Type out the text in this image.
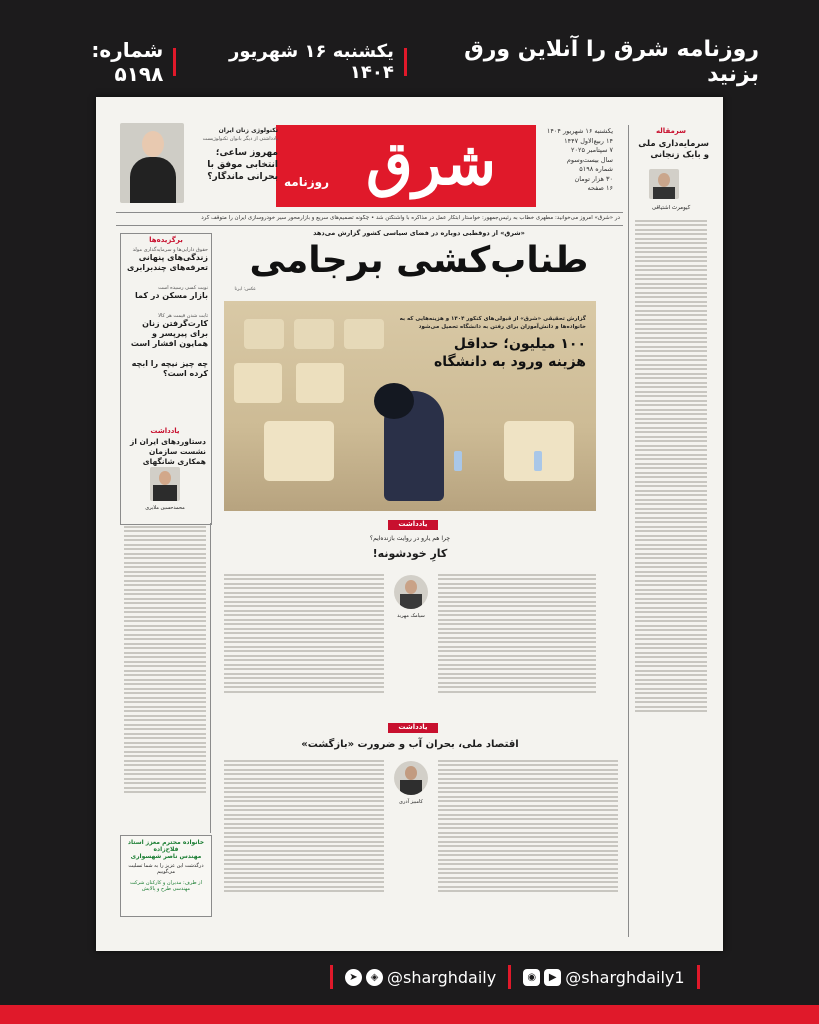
روزنامه شرق را آنلاین ورق بزنید
یکشنبه ۱۶ شهریور ۱۴۰۴
شماره: ۵۱۹۸
شرق
روزنامه
یکشنبه ۱۶ شهریور ۱۴۰۴
۱۴ ربیع‌الاول ۱۴۴۷
۷ سپتامبر ۲۰۲۵
سال بیست‌وسوم
شماره ۵۱۹۸
۳۰ هزار تومان
۱۶ صفحه
تکنولوژی زنان ایران
یادداشتی از دیگر بانوان تکنولوژیست
مهروز ساعی؛ انتخابی موفق با بحرانی ماندگار؟
در «شرق» امروز می‌خوانید: مطهری خطاب به رئیس‌جمهور: خواستار ابتکار عمل در مذاکره با واشنگتن شد • چگونه تصمیم‌های سریع و بازارمحور سیر خودروسازی ایران را متوقف کرد
سرمقاله
سرمایه‌داری ملی و بابک زنجانی
کیومرث اشتیاقی
برگزیده‌ها
حقوق دارایی‌ها و سرمایه‌گذاری مولد
زندگی‌های پنهانی تعرفه‌های چندبرابری
نوبت کسی رسیده است
بازار مسکن در کما
ثابت شدن قیمت هر کالا
کارت‌گرفتن زنان برای پیرپسر و همایون افشار است
چه چیز نیچه را ابچه کرده است؟
یادداشت
دستاوردهای ایران از نشست سازمان همکاری شانگهای
محمدحسین ملایری
خانواده محترم معزز استاد فلاح‌زاده
مهندس ناصر شهسواری
درگذشت این عزیز را به شما تسلیت می‌گوییم
از طرف: مدیران و کارکنان شرکت مهندسی طرح و پالایش
«شرق» از دوقطبی دوباره در فضای سیاسی کشور گزارش می‌دهد
طناب‌کشی برجامی
عکس: ایرنا
گزارش تحقیقی «شرق» از قبولی‌های کنکور ۱۴۰۴ و هزینه‌هایی که به خانواده‌ها و دانش‌آموزان برای رفتن به دانشگاه تحمیل می‌شود
۱۰۰ میلیون؛ حداقل
هزینه ورود به دانشگاه
یادداشت
چرا هم یارو در روایت بازنده‌ایم؟
کارِ خودشونه!
سیامک مهربد
یادداشت
اقتصاد ملی، بحران آب و ضرورت «بازگشت»
کامبیز آذری
➤	◈ @sharghdaily	◉	▶ @sharghdaily1
